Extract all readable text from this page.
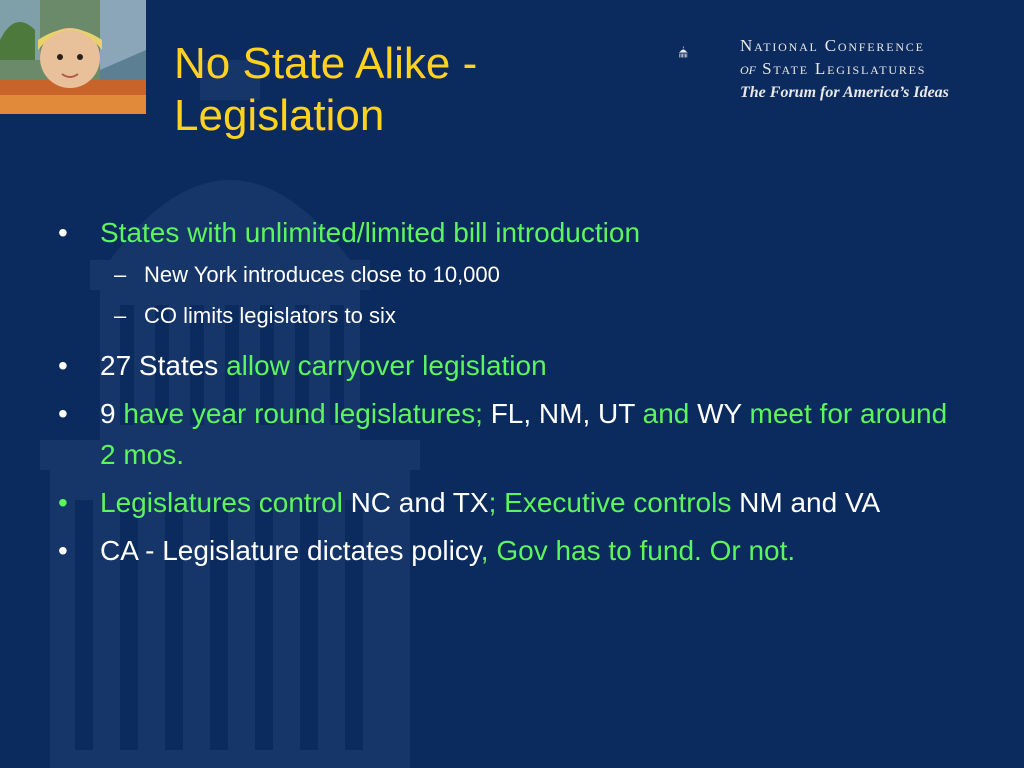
No State Alike - Legislation
National Conference
of State Legislatures
The Forum for America’s Ideas
• States with unlimited/limited bill introduction
– New York introduces close to 10,000
– CO limits legislators to six
• 27 States allow carryover legislation
• 9 have year round legislatures; FL, NM, UT and WY meet for around 2 mos.
• Legislatures control NC and TX; Executive controls NM and VA
• CA - Legislature dictates policy, Gov has to fund. Or not.
